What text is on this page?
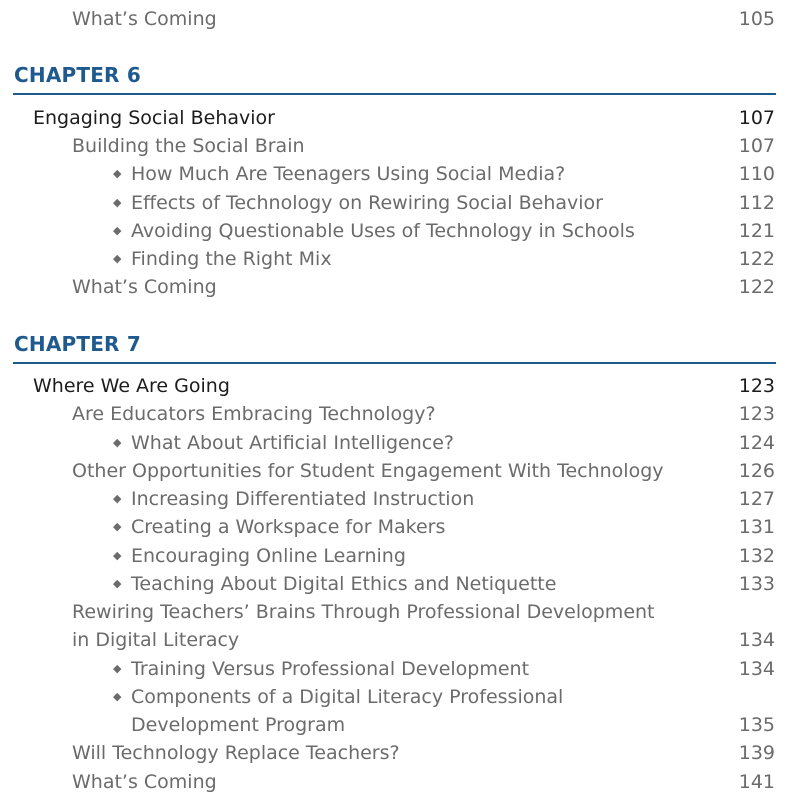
What’s Coming	105
CHAPTER 6
Engaging Social Behavior	107
Building the Social Brain	107
◆ How Much Are Teenagers Using Social Media?	110
◆ Effects of Technology on Rewiring Social Behavior	112
◆ Avoiding Questionable Uses of Technology in Schools	121
◆ Finding the Right Mix	122
What’s Coming	122
CHAPTER 7
Where We Are Going	123
Are Educators Embracing Technology?	123
◆ What About Artificial Intelligence?	124
Other Opportunities for Student Engagement With Technology	126
◆ Increasing Differentiated Instruction	127
◆ Creating a Workspace for Makers	131
◆ Encouraging Online Learning	132
◆ Teaching About Digital Ethics and Netiquette	133
Rewiring Teachers’ Brains Through Professional Development
in Digital Literacy	134
◆ Training Versus Professional Development	134
◆ Components of a Digital Literacy Professional
Development Program	135
Will Technology Replace Teachers?	139
What’s Coming	141
